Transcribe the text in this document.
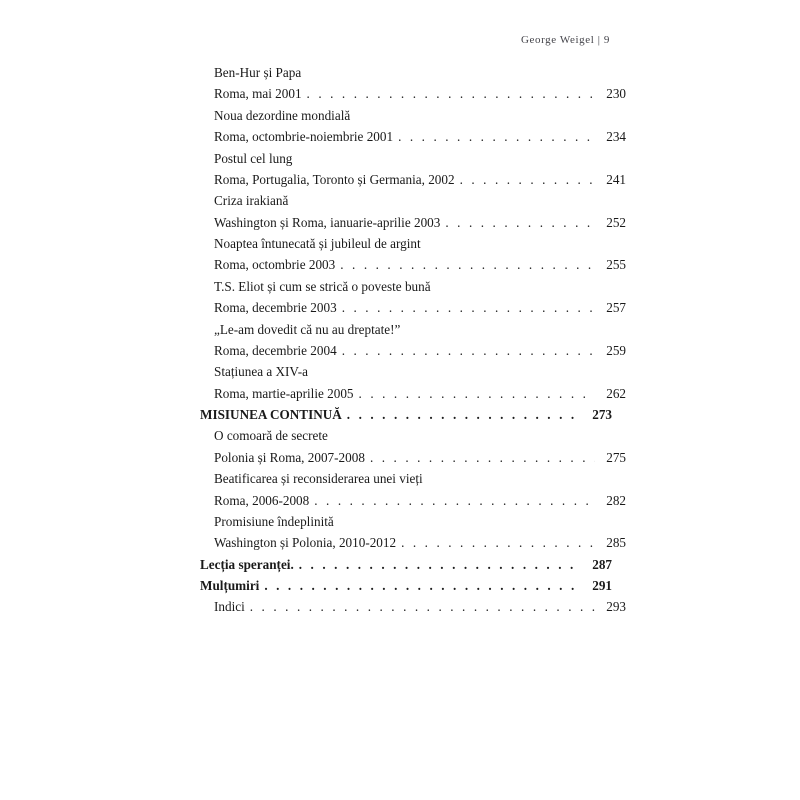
George Weigel | 9
Ben-Hur și Papa
Roma, mai 2001 . . .	230
Noua dezordine mondială
Roma, octombrie-noiembrie 2001 . . .	234
Postul cel lung
Roma, Portugalia, Toronto și Germania, 2002 . . .	241
Criza irakiană
Washington și Roma, ianuarie-aprilie 2003 . . .	252
Noaptea întunecată și jubileul de argint
Roma, octombrie 2003 . . .	255
T.S. Eliot și cum se strică o poveste bună
Roma, decembrie 2003 . . .	257
„Le-am dovedit că nu au dreptate!”
Roma, decembrie 2004 . . .	259
Stațiunea a XIV-a
Roma, martie-aprilie 2005 . . .	262
MISIUNEA CONTINUĂ . . .	273
O comoară de secrete
Polonia și Roma, 2007-2008 . . .	275
Beatificarea și reconsiderarea unei vieți
Roma, 2006-2008 . . .	282
Promisiune îndeplinită
Washington și Polonia, 2010-2012 . . .	285
Lecția speranței. . . .	287
Mulțumiri . . .	291
Indici . . .	293
